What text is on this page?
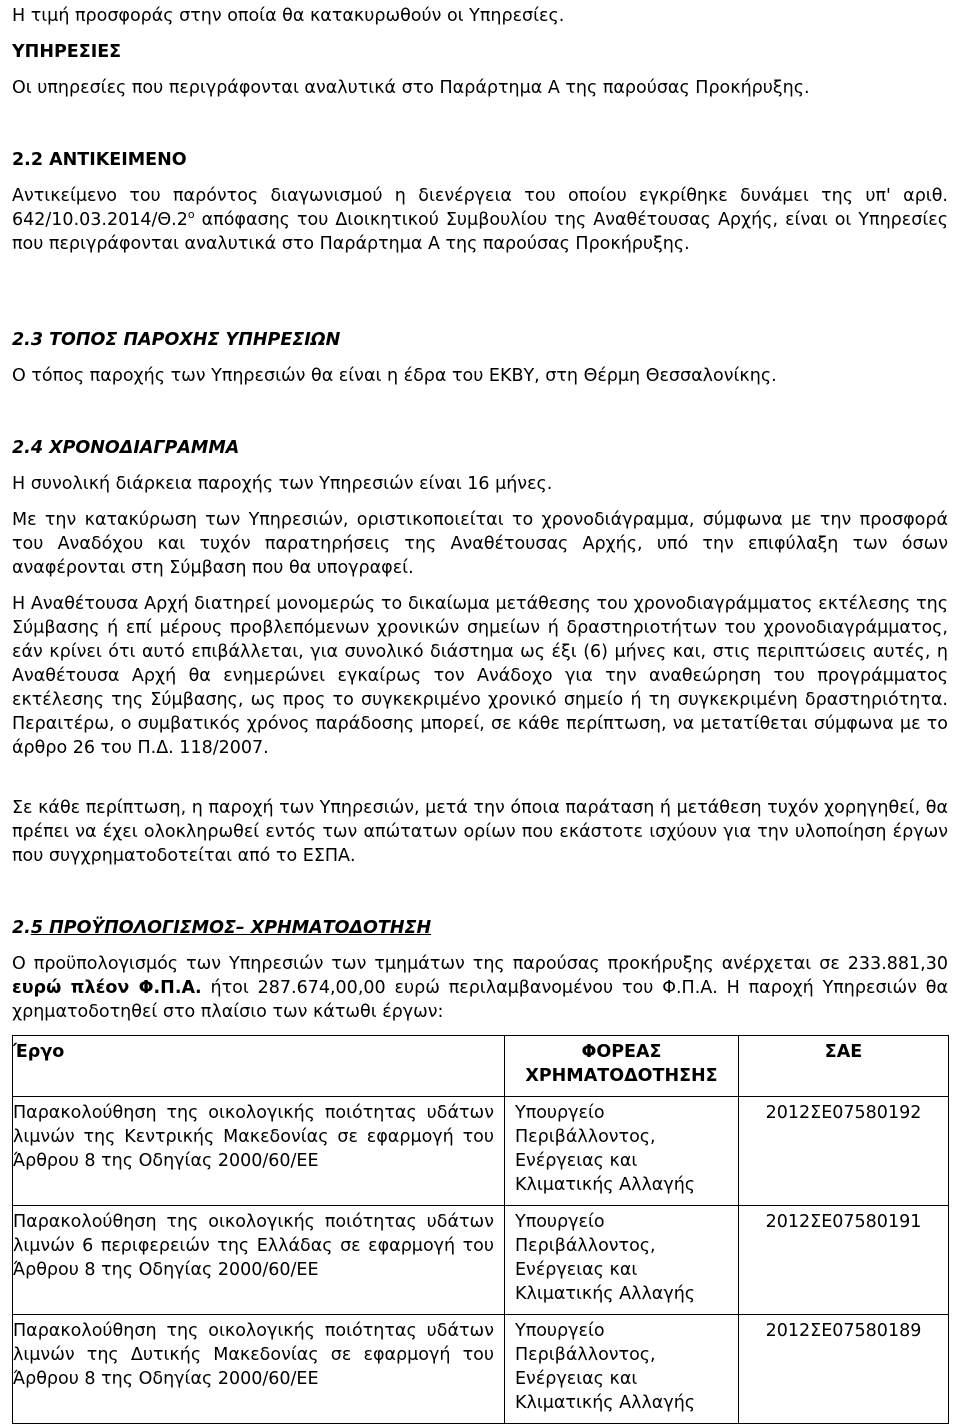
Η τιμή προσφοράς στην οποία θα κατακυρωθούν οι Υπηρεσίες.

ΥΠΗΡΕΣΙΕΣ

Οι υπηρεσίες που περιγράφονται αναλυτικά στο Παράρτημα Α της παρούσας Προκήρυξης.

2.2 ΑΝΤΙΚΕΙΜΕΝΟ

Αντικείμενο του παρόντος διαγωνισμού η διενέργεια του οποίου εγκρίθηκε δυνάμει της υπ' αριθ. $642/10.03.2014/\Theta.2^o$ απόφασης του Διοικητικού Συμβουλίου της Αναθέτουσας Αρχής, είναι οι Υπηρεσίες που περιγράφονται αναλυτικά στο Παράρτημα Α της παρούσας Προκήρυξης.

2.3 ΤΟΠΟΣ ΠΑΡΟΧΗΣ ΥΠΗΡΕΣΙΩΝ

Ο τόπος παροχής των Υπηρεσιών θα είναι η έδρα του ΕΚΒΥ, στη Θέρμη Θεσσαλονίκης.

2.4 ΧΡΟΝΟΔΙΑΓΡΑΜΜΑ

Η συνολική διάρκεια παροχής των Υπηρεσιών είναι 16 μήνες.

Με την κατακύρωση των Υπηρεσιών, οριστικοποιείται το χρονοδιάγραμμα, σύμφωνα με την προσφορά του Αναδόχου και τυχόν παρατηρήσεις της Αναθέτουσας Αρχής, υπό την επιφύλαξη των όσων αναφέρονται στη Σύμβαση που θα υπογραφεί.

Η Αναθέτουσα Αρχή διατηρεί μονομερώς το δικαίωμα μετάθεσης του χρονοδιαγράμματος εκτέλεσης της Σύμβασης ή επί μέρους προβλεπόμενων χρονικών σημείων ή δραστηριοτήτων του χρονοδιαγράμματος, εάν κρίνει ότι αυτό επιβάλλεται, για συνολικό διάστημα ως έξι (6) μήνες και, στις περιπτώσεις αυτές, η Αναθέτουσα Αρχή θα ενημερώνει εγκαίρως τον Ανάδοχο για την αναθεώρηση του προγράμματος εκτέλεσης της Σύμβασης, ως προς το συγκεκριμένο χρονικό σημείο ή τη συγκεκριμένη δραστηριότητα. Περαιτέρω, ο συμβατικός χρόνος παράδοσης μπορεί, σε κάθε περίπτωση, να μετατίθεται σύμφωνα με το άρθρο 26 του Π.Δ. 118/2007.

Σε κάθε περίπτωση, η παροχή των Υπηρεσιών, μετά την όποια παράταση ή μετάθεση τυχόν χορηγηθεί, θα πρέπει να έχει ολοκληρωθεί εντός των απώτατων ορίων που εκάστοτε ισχύουν για την υλοποίηση έργων που συγχρηματοδοτείται από το ΕΣΠΑ.

2.5 ΠΡΟΫΠΟΛΟΓΙΣΜΟΣ– ΧΡΗΜΑΤΟΔΟΤΗΣΗ

Ο προϋπολογισμός των Υπηρεσιών των τμημάτων της παρούσας προκήρυξης ανέρχεται σε 233.881,30 ευρώ πλέον Φ.Π.Α. ήτοι 287.674,00,00 ευρώ περιλαμβανομένου του Φ.Π.Α. Η παροχή Υπηρεσιών θα χρηματοδοτηθεί στο πλαίσιο των κάτωθι έργων:

Έργο	ΦΟΡΕΑΣ ΧΡΗΜΑΤΟΔΟΤΗΣΗΣ	ΣΑΕ
Παρακολούθηση της οικολογικής ποιότητας υδάτων λιμνών της Κεντρικής Μακεδονίας σε εφαρμογή του Άρθρου 8 της Οδηγίας 2000/60/ΕΕ	Υπουργείο Περιβάλλοντος, Ενέργειας και Κλιματικής Αλλαγής	2012ΣΕ07580192
Παρακολούθηση της οικολογικής ποιότητας υδάτων λιμνών 6 περιφερειών της Ελλάδας σε εφαρμογή του Άρθρου 8 της Οδηγίας 2000/60/ΕΕ	Υπουργείο Περιβάλλοντος, Ενέργειας και Κλιματικής Αλλαγής	2012ΣΕ07580191
Παρακολούθηση της οικολογικής ποιότητας υδάτων λιμνών της Δυτικής Μακεδονίας σε εφαρμογή του Άρθρου 8 της Οδηγίας 2000/60/ΕΕ	Υπουργείο Περιβάλλοντος, Ενέργειας και Κλιματικής Αλλαγής	2012ΣΕ07580189
